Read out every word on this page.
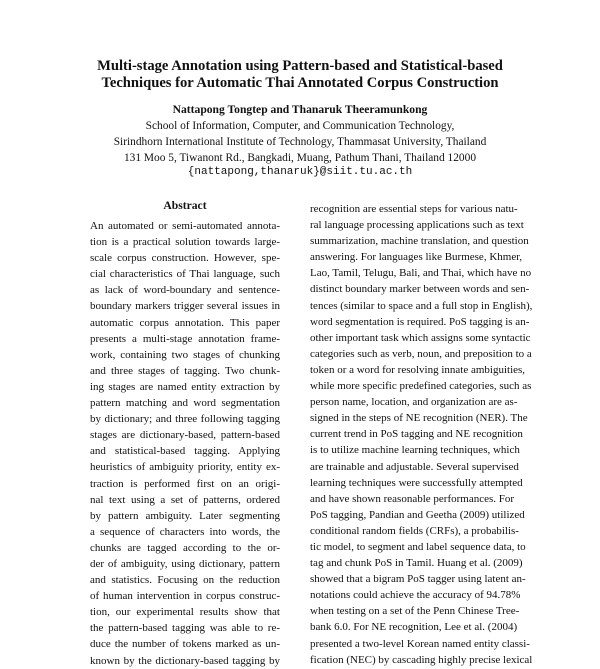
Multi-stage Annotation using Pattern-based and Statistical-based
Techniques for Automatic Thai Annotated Corpus Construction
Nattapong Tongtep and Thanaruk Theeramunkong
School of Information, Computer, and Communication Technology,
Sirindhorn International Institute of Technology, Thammasat University, Thailand
131 Moo 5, Tiwanont Rd., Bangkadi, Muang, Pathum Thani, Thailand 12000
{nattapong,thanaruk}@siit.tu.ac.th
Abstract
An automated or semi-automated annota-
tion is a practical solution towards large-
scale corpus construction. However, spe-
cial characteristics of Thai language, such
as lack of word-boundary and sentence-
boundary markers trigger several issues in
automatic corpus annotation. This paper
presents a multi-stage annotation frame-
work, containing two stages of chunking
and three stages of tagging. Two chunk-
ing stages are named entity extraction by
pattern matching and word segmentation
by dictionary; and three following tagging
stages are dictionary-based, pattern-based
and statistical-based tagging. Applying
heuristics of ambiguity priority, entity ex-
traction is performed first on an origi-
nal text using a set of patterns, ordered
by pattern ambiguity. Later segmenting
a sequence of characters into words, the
chunks are tagged according to the or-
der of ambiguity, using dictionary, pattern
and statistics. Focusing on the reduction
of human intervention in corpus construc-
tion, our experimental results show that
the pattern-based tagging was able to re-
duce the number of tokens marked as un-
known by the dictionary-based tagging by
recognition are essential steps for various natu-
ral language processing applications such as text
summarization, machine translation, and question
answering. For languages like Burmese, Khmer,
Lao, Tamil, Telugu, Bali, and Thai, which have no
distinct boundary marker between words and sen-
tences (similar to space and a full stop in English),
word segmentation is required. PoS tagging is an-
other important task which assigns some syntactic
categories such as verb, noun, and preposition to a
token or a word for resolving innate ambiguities,
while more specific predefined categories, such as
person name, location, and organization are as-
signed in the steps of NE recognition (NER). The
current trend in PoS tagging and NE recognition
is to utilize machine learning techniques, which
are trainable and adjustable. Several supervised
learning techniques were successfully attempted
and have shown reasonable performances. For
PoS tagging, Pandian and Geetha (2009) utilized
conditional random fields (CRFs), a probabilis-
tic model, to segment and label sequence data, to
tag and chunk PoS in Tamil. Huang et al. (2009)
showed that a bigram PoS tagger using latent an-
notations could achieve the accuracy of 94.78%
when testing on a set of the Penn Chinese Tree-
bank 6.0. For NE recognition, Lee et al. (2004)
presented a two-level Korean named entity classi-
fication (NEC) by cascading highly precise lexical
